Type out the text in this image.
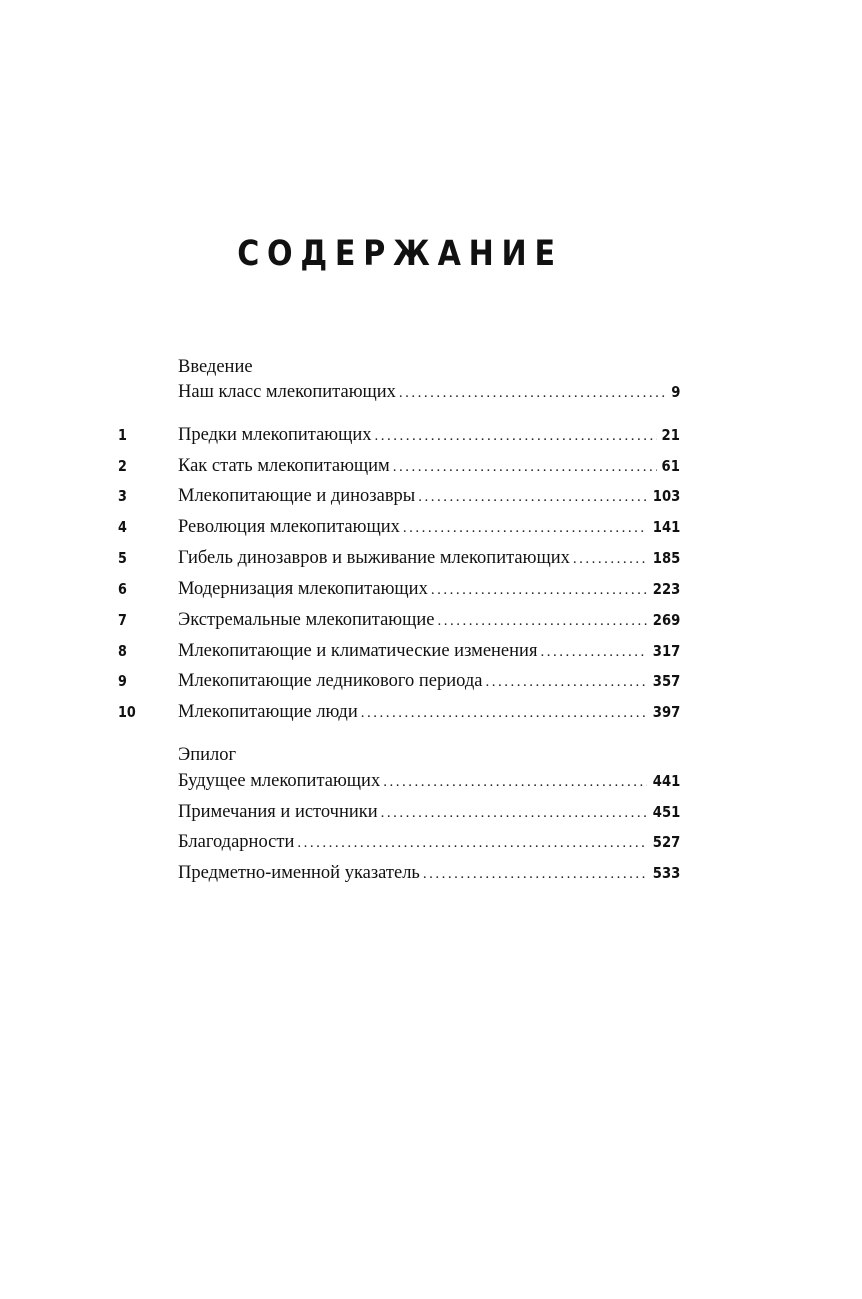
СОДЕРЖАНИЕ
Введение
Наш класс млекопитающих .....	9
1	Предки млекопитающих .....	21
2	Как стать млекопитающим .....	61
3	Млекопитающие и динозавры .....	103
4	Революция млекопитающих .....	141
5	Гибель динозавров и выживание млекопитающих .....	185
6	Модернизация млекопитающих .....	223
7	Экстремальные млекопитающие .....	269
8	Млекопитающие и климатические изменения .....	317
9	Млекопитающие ледникового периода .....	357
10 Млекопитающие люди .....	397
Эпилог
Будущее млекопитающих .....	441
Примечания и источники .....	451
Благодарности .....	527
Предметно-именной указатель .....	533
